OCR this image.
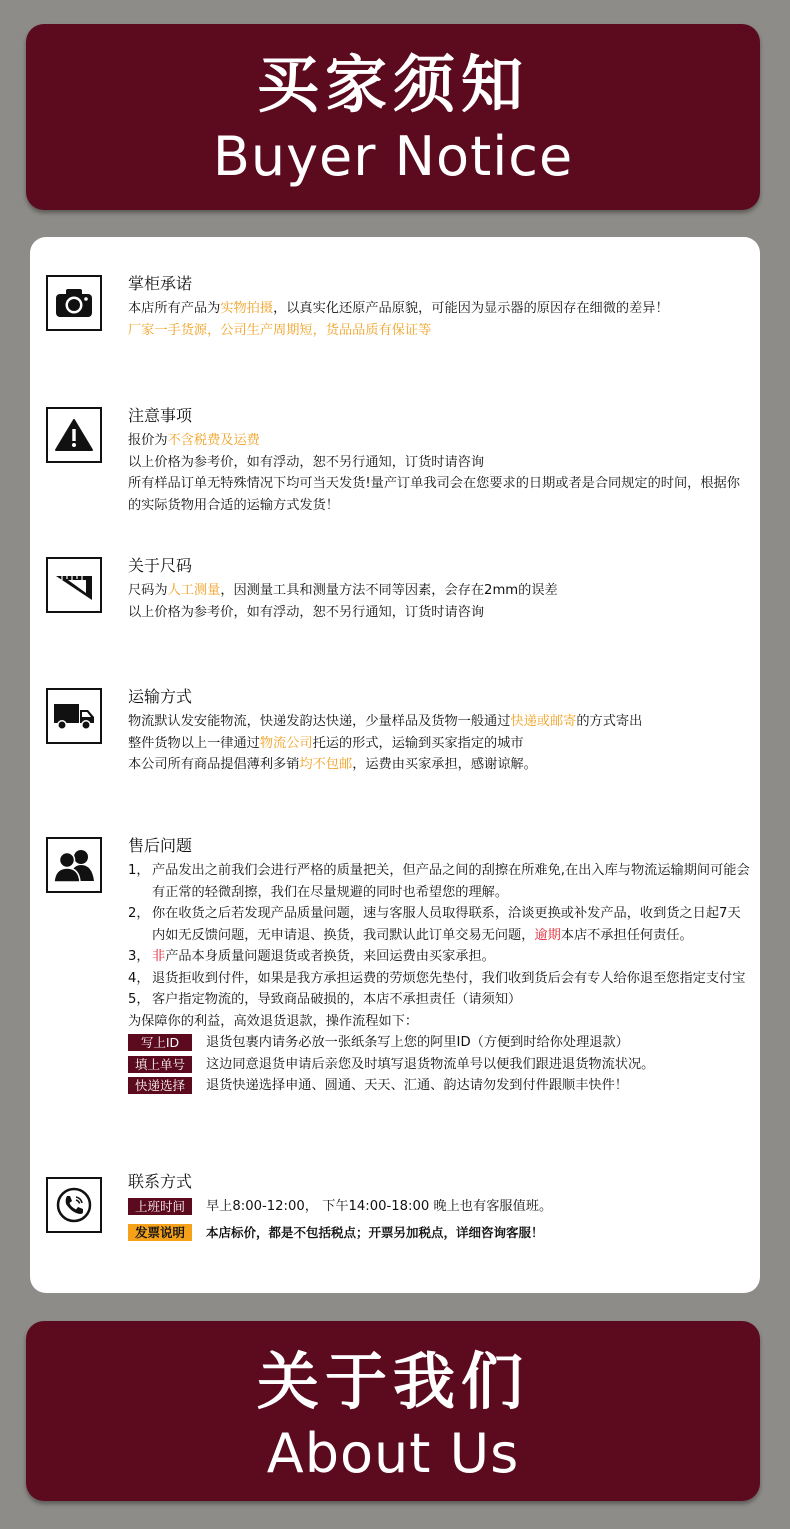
买家须知
Buyer Notice
掌柜承诺
本店所有产品为实物拍摄，以真实化还原产品原貌，可能因为显示器的原因存在细微的差异！
厂家一手货源，公司生产周期短，货品品质有保证等
注意事项
报价为不含税费及运费
以上价格为参考价，如有浮动，恕不另行通知，订货时请咨询
所有样品订单无特殊情况下均可当天发货!量产订单我司会在您要求的日期或者是合同规定的时间，根据你的实际货物用合适的运输方式发货！
关于尺码
尺码为人工测量，因测量工具和测量方法不同等因素，会存在2mm的误差
以上价格为参考价，如有浮动，恕不另行通知，订货时请咨询
运输方式
物流默认发安能物流，快递发韵达快递，少量样品及货物一般通过快递或邮寄的方式寄出
整件货物以上一律通过物流公司托运的形式，运输到买家指定的城市
本公司所有商品提倡薄利多销均不包邮，运费由买家承担，感谢谅解。
售后问题
1， 产品发出之前我们会进行严格的质量把关，但产品之间的刮擦在所难免,在出入库与物流运输期间可能会有正常的轻微刮擦，我们在尽量规避的同时也希望您的理解。
2， 你在收货之后若发现产品质量问题，速与客服人员取得联系，洽谈更换或补发产品，收到货之日起7天内如无反馈问题，无申请退、换货，我司默认此订单交易无问题，逾期本店不承担任何责任。
3， 非产品本身质量问题退货或者换货，来回运费由买家承担。
4， 退货拒收到付件，如果是我方承担运费的劳烦您先垫付，我们收到货后会有专人给你退至您指定支付宝
5， 客户指定物流的，导致商品破损的，本店不承担责任（请须知）
为保障你的利益，高效退货退款，操作流程如下：
写上ID	退货包裹内请务必放一张纸条写上您的阿里ID（方便到时给你处理退款）
填上单号	这边同意退货申请后亲您及时填写退货物流单号以便我们跟进退货物流状况。
快递选择	退货快递选择申通、圆通、天天、汇通、韵达请勿发到付件跟顺丰快件！
联系方式
上班时间	早上8:00-12:00， 下午14:00-18:00 晚上也有客服值班。
发票说明	本店标价，都是不包括税点；开票另加税点，详细咨询客服！
关于我们
About Us
